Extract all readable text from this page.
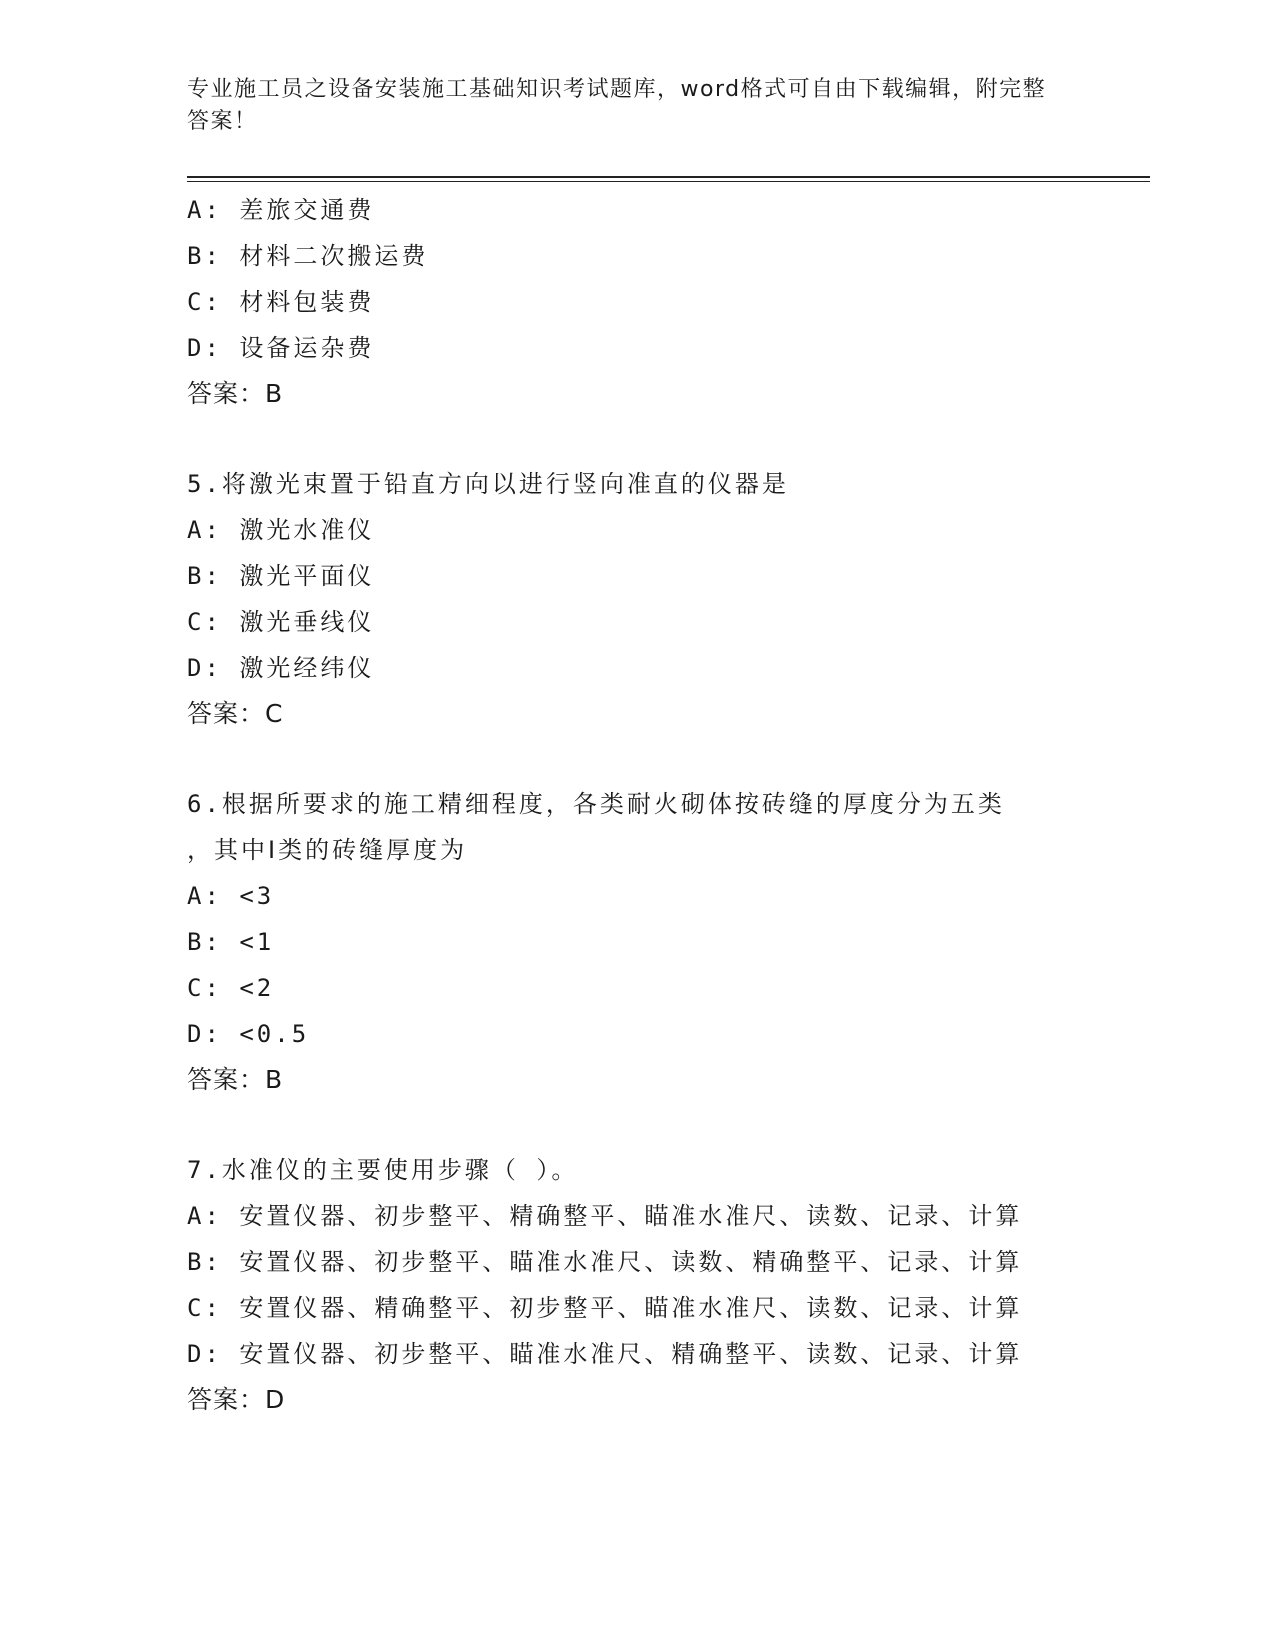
专业施工员之设备安装施工基础知识考试题库，word格式可自由下载编辑，附完整答案！
A: 差旅交通费
B: 材料二次搬运费
C: 材料包装费
D: 设备运杂费
答案：B
5.将激光束置于铅直方向以进行竖向准直的仪器是
A: 激光水准仪
B: 激光平面仪
C: 激光垂线仪
D: 激光经纬仪
答案：C
6.根据所要求的施工精细程度，各类耐火砌体按砖缝的厚度分为五类
，其中Ⅰ类的砖缝厚度为
A: <3
B: <1
C: <2
D: <0.5
答案：B
7.水准仪的主要使用步骤（ ）。
A: 安置仪器、初步整平、精确整平、瞄准水准尺、读数、记录、计算
B: 安置仪器、初步整平、瞄准水准尺、读数、精确整平、记录、计算
C: 安置仪器、精确整平、初步整平、瞄准水准尺、读数、记录、计算
D: 安置仪器、初步整平、瞄准水准尺、精确整平、读数、记录、计算
答案：D
